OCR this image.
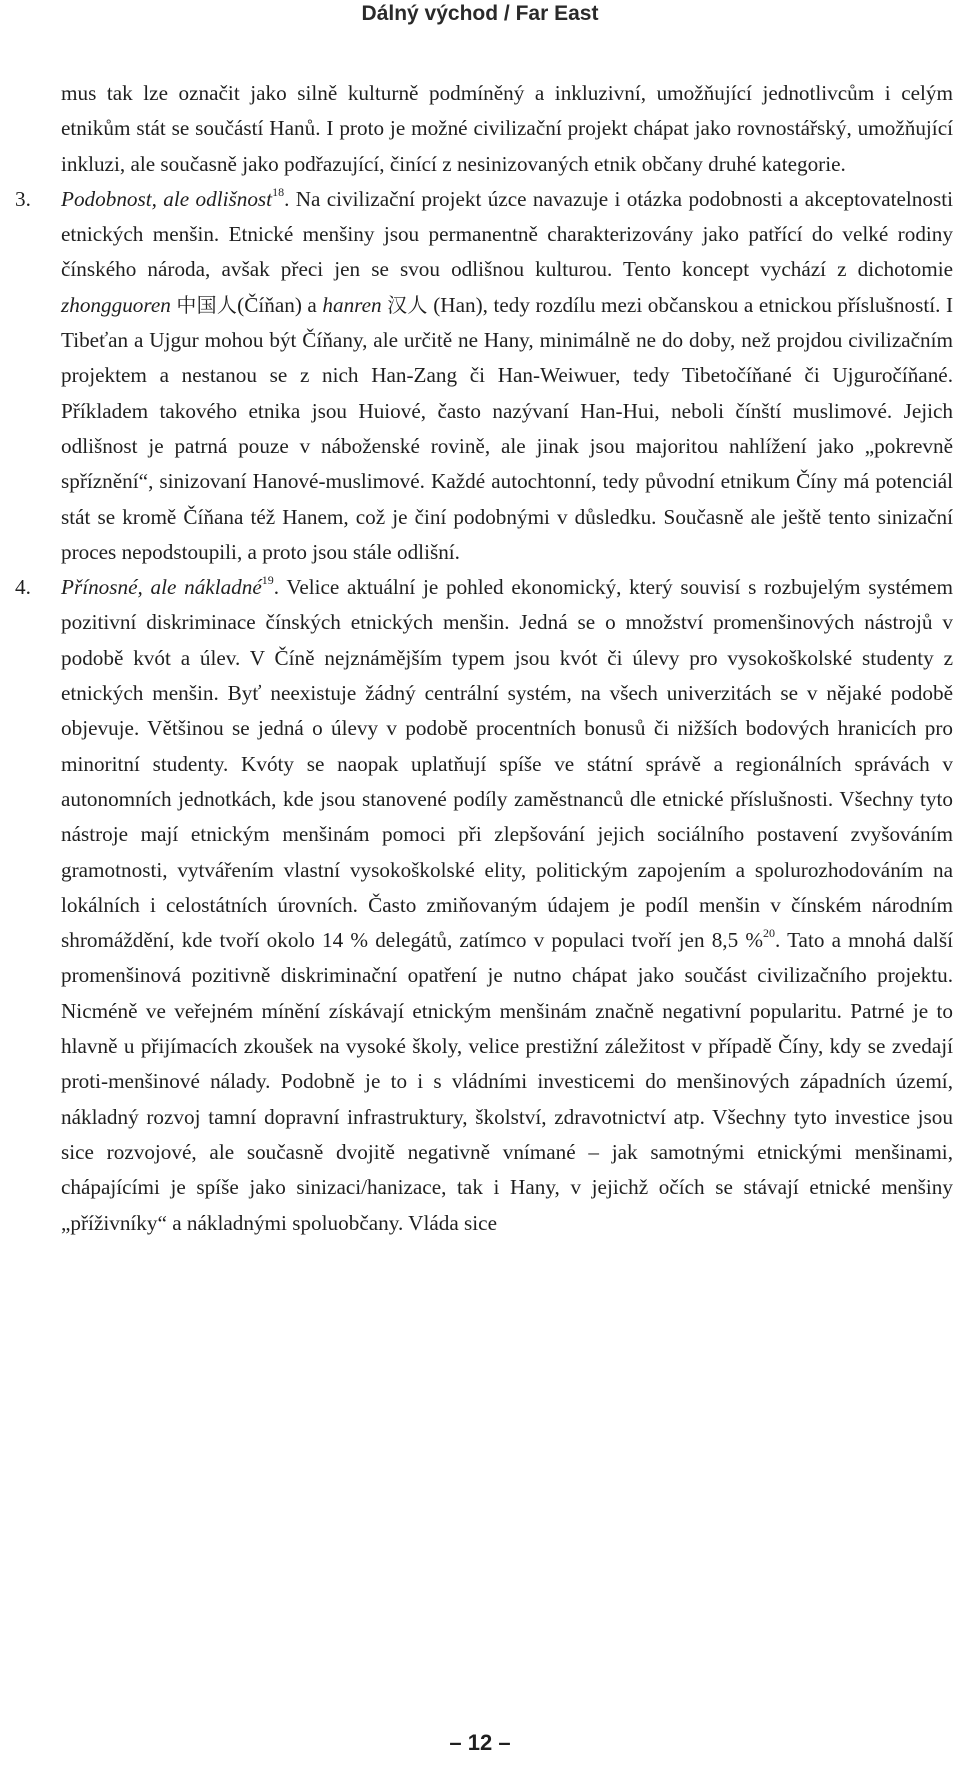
Dálný východ / Far East

mus tak lze označit jako silně kulturně podmíněný a inkluzivní, umožňující jednotlivcům i celým etnikům stát se součástí Hanů. I proto je možné civilizační projekt chápat jako rovnostářský, umožňující inkluzi, ale současně jako podřazující, činící z nesinizovaných etnik občany druhé kategorie.

3. Podobnost, ale odlišnost$^{18}$. Na civilizační projekt úzce navazuje i otázka podobnosti a akceptovatelnosti etnických menšin. Etnické menšiny jsou permanentně charakterizovány jako patřící do velké rodiny čínského národa, avšak přeci jen se svou odlišnou kulturou. Tento koncept vychází z dichotomie zhongguoren 中国人(Číňan) a hanren 汉人 (Han), tedy rozdílu mezi občanskou a etnickou příslušností. I Tibeťan a Ujgur mohou být Číňany, ale určitě ne Hany, minimálně ne do doby, než projdou civilizačním projektem a nestanou se z nich Han-Zang či Han-Weiwuer, tedy Tibetočíňané či Ujguročíňané. Příkladem takového etnika jsou Huiové, často nazývaní Han-Hui, neboli čínští muslimové. Jejich odlišnost je patrná pouze v náboženské rovině, ale jinak jsou majoritou nahlížení jako „pokrevně spříznění“, sinizovaní Hanové-muslimové. Každé autochtonní, tedy původní etnikum Číny má potenciál stát se kromě Číňana též Hanem, což je činí podobnými v důsledku. Současně ale ještě tento sinizační proces nepodstoupili, a proto jsou stále odlišní.

4. Přínosné, ale nákladné$^{19}$. Velice aktuální je pohled ekonomický, který souvisí s rozbujelým systémem pozitivní diskriminace čínských etnických menšin. Jedná se o množství promenšinových nástrojů v podobě kvót a úlev. V Číně nejznámějším typem jsou kvót či úlevy pro vysokoškolské studenty z etnických menšin. Byť neexistuje žádný centrální systém, na všech univerzitách se v nějaké podobě objevuje. Většinou se jedná o úlevy v podobě procentních bonusů či nižších bodových hranicích pro minoritní studenty. Kvóty se naopak uplatňují spíše ve státní správě a regionálních správách v autonomních jednotkách, kde jsou stanovené podíly zaměstnanců dle etnické příslušnosti. Všechny tyto nástroje mají etnickým menšinám pomoci při zlepšování jejich sociálního postavení zvyšováním gramotnosti, vytvářením vlastní vysokoškolské elity, politickým zapojením a spolurozhodováním na lokálních i celostátních úrovních. Často zmiňovaným údajem je podíl menšin v čínském národním shromáždění, kde tvoří okolo 14 % delegátů, zatímco v populaci tvoří jen 8,5 %$^{20}$. Tato a mnohá další promenšinová pozitivně diskriminační opatření je nutno chápat jako součást civilizačního projektu. Nicméně ve veřejném mínění získávají etnickým menšinám značně negativní popularitu. Patrné je to hlavně u přijímacích zkoušek na vysoké školy, velice prestižní záležitost v případě Číny, kdy se zvedají proti-menšinové nálady. Podobně je to i s vládními investicemi do menšinových západních území, nákladný rozvoj tamní dopravní infrastruktury, školství, zdravotnictví atp. Všechny tyto investice jsou sice rozvojové, ale současně dvojitě negativně vnímané – jak samotnými etnickými menšinami, chápajícími je spíše jako sinizaci/hanizace, tak i Hany, v jejichž očích se stávají etnické menšiny „příživníky“ a nákladnými spoluobčany. Vláda sice

– 12 –
